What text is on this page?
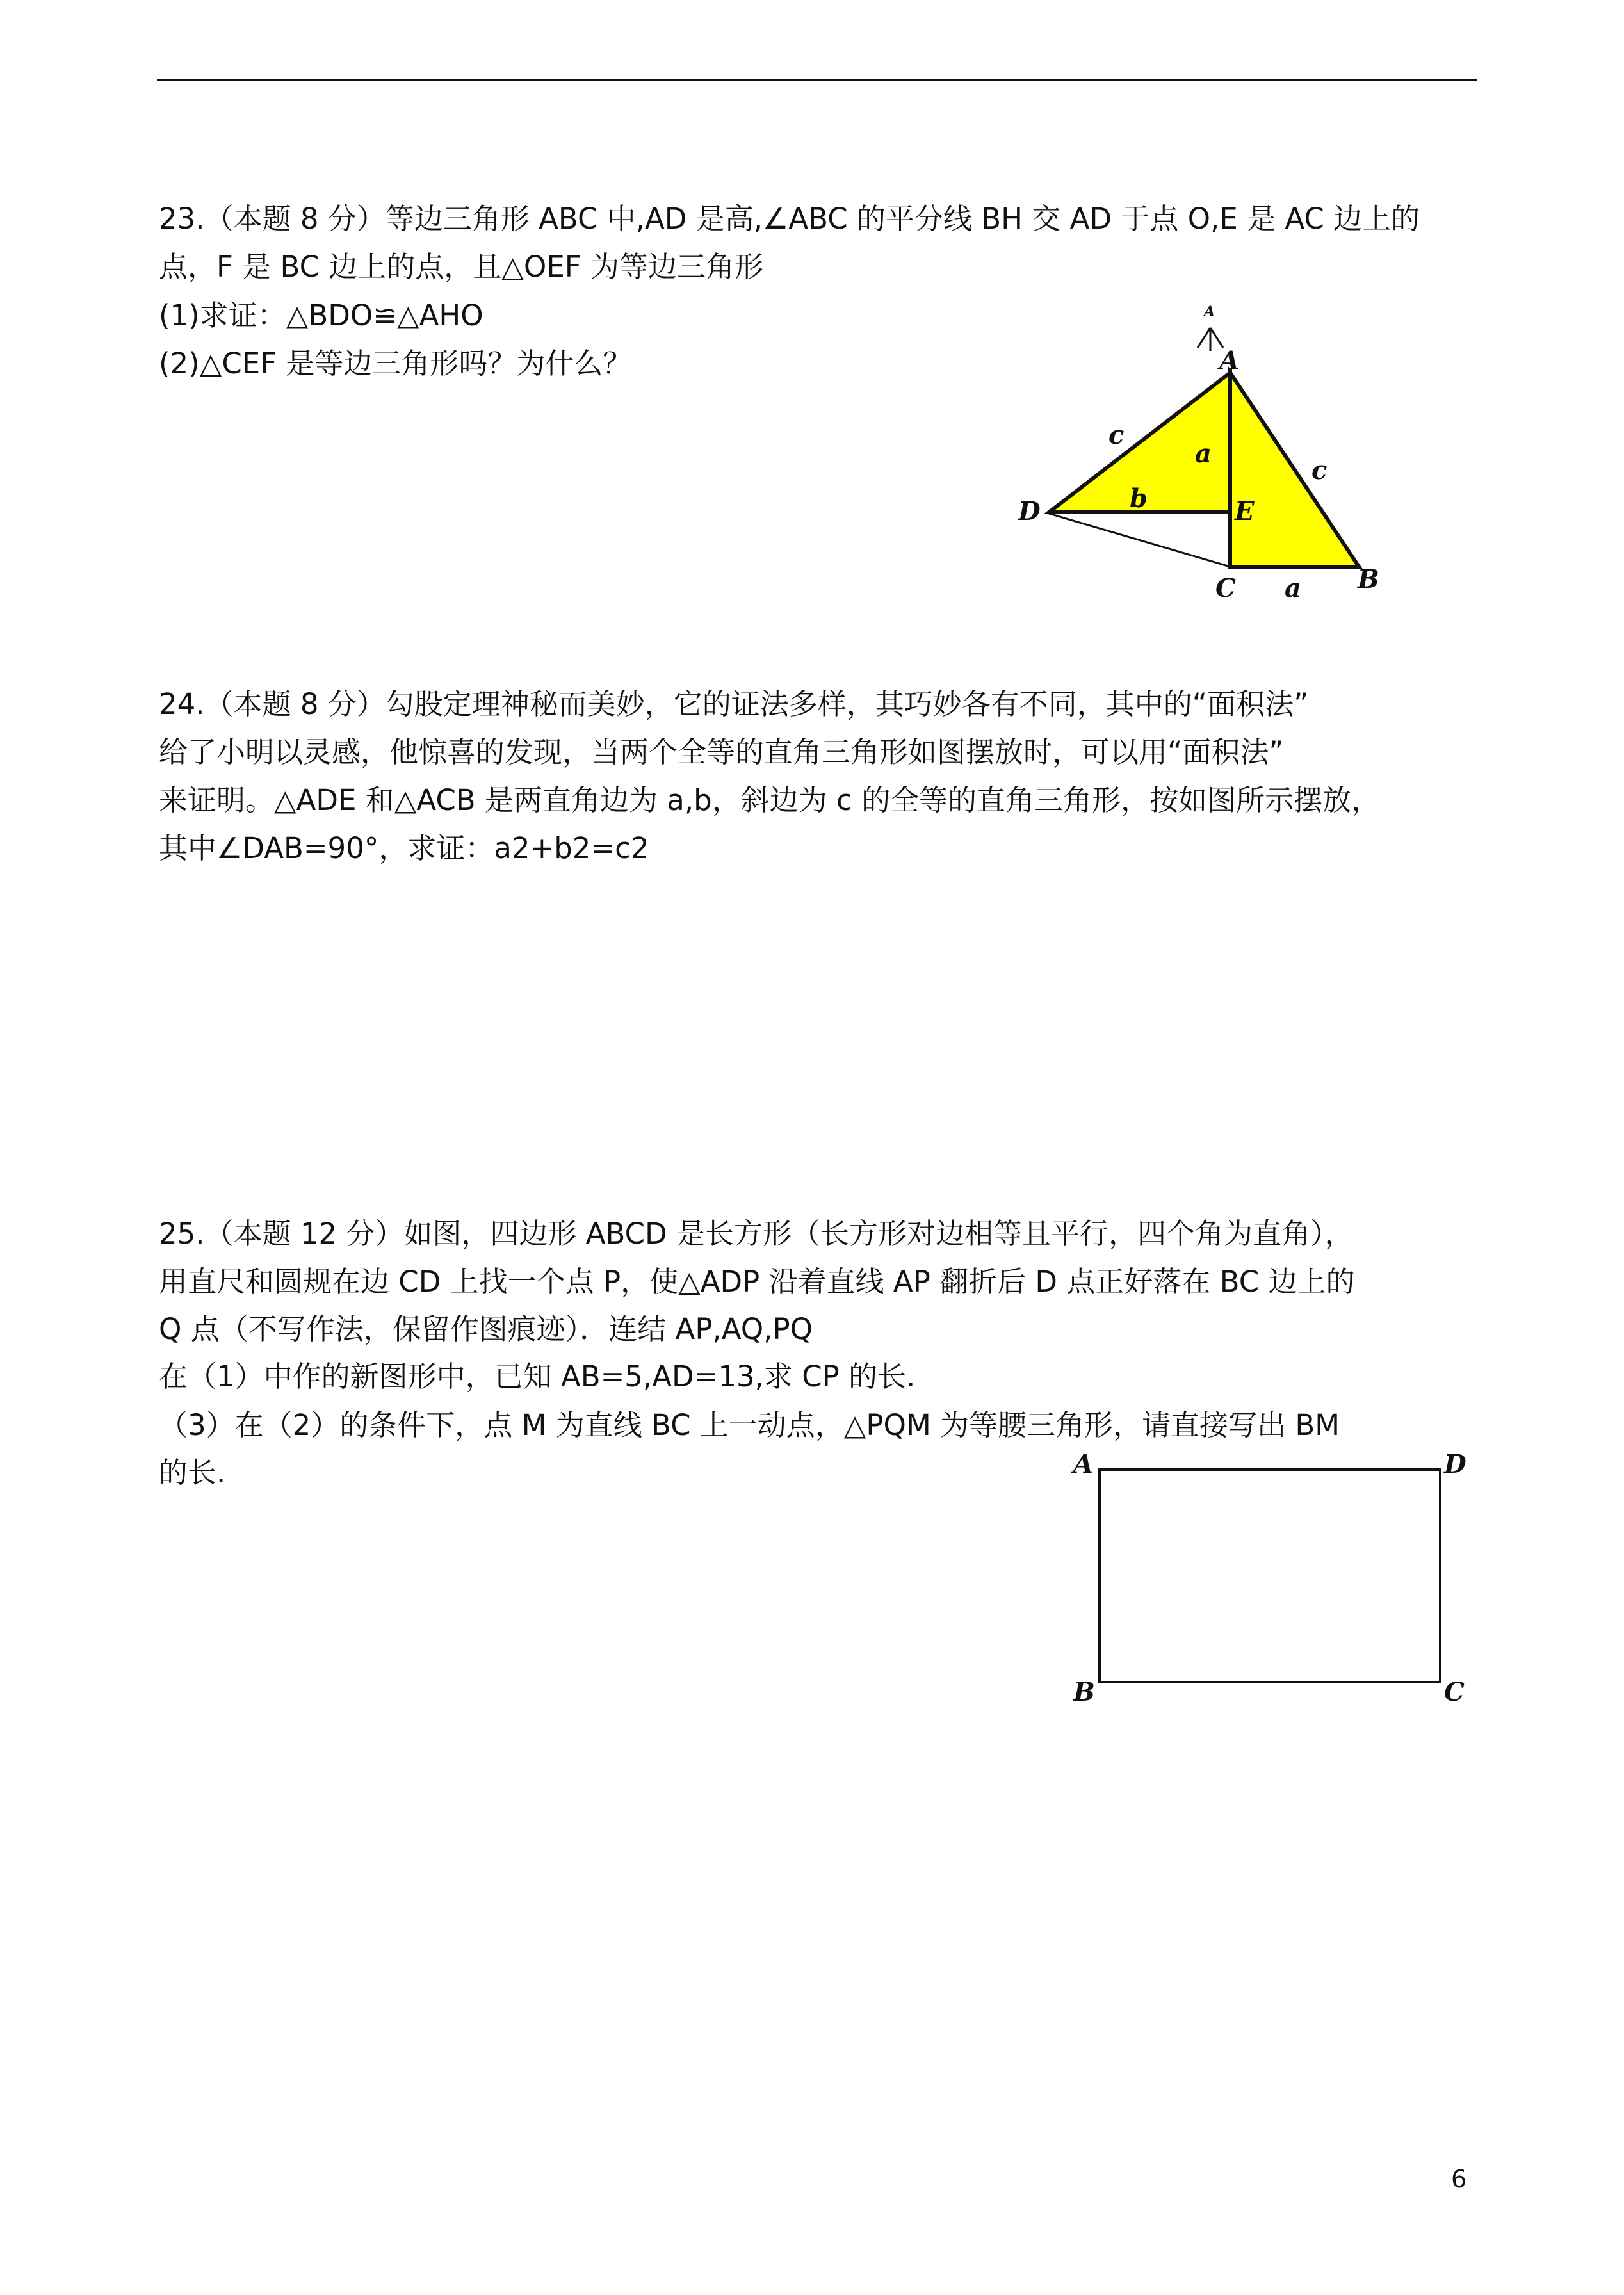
23.（本题 8 分）等边三角形 ABC 中,AD 是高,∠ABC 的平分线 BH 交 AD 于点 O,E 是 AC 边上的
点，F 是 BC 边上的点，且△OEF 为等边三角形
(1)求证：△BDO≌△AHO
(2)△CEF 是等边三角形吗？为什么？
A
A
D	E
C	B
a
b
c
c
a
24.（本题 8 分）勾股定理神秘而美妙，它的证法多样，其巧妙各有不同，其中的“面积法”
给了小明以灵感，他惊喜的发现，当两个全等的直角三角形如图摆放时，可以用“面积法”
来证明。△ADE 和△ACB 是两直角边为 a,b，斜边为 c 的全等的直角三角形，按如图所示摆放，
其中∠DAB=90°，求证：a2+b2=c2
25.（本题 12 分）如图，四边形 ABCD 是长方形（长方形对边相等且平行，四个角为直角），
用直尺和圆规在边 CD 上找一个点 P，使△ADP 沿着直线 AP 翻折后 D 点正好落在 BC 边上的
Q 点（不写作法，保留作图痕迹）．连结 AP,AQ,PQ
在（1）中作的新图形中，已知 AB=5,AD=13,求 CP 的长.
（3）在（2）的条件下，点 M 为直线 BC 上一动点，△PQM 为等腰三角形，请直接写出 BM
的长.	A	D
B	C
6
